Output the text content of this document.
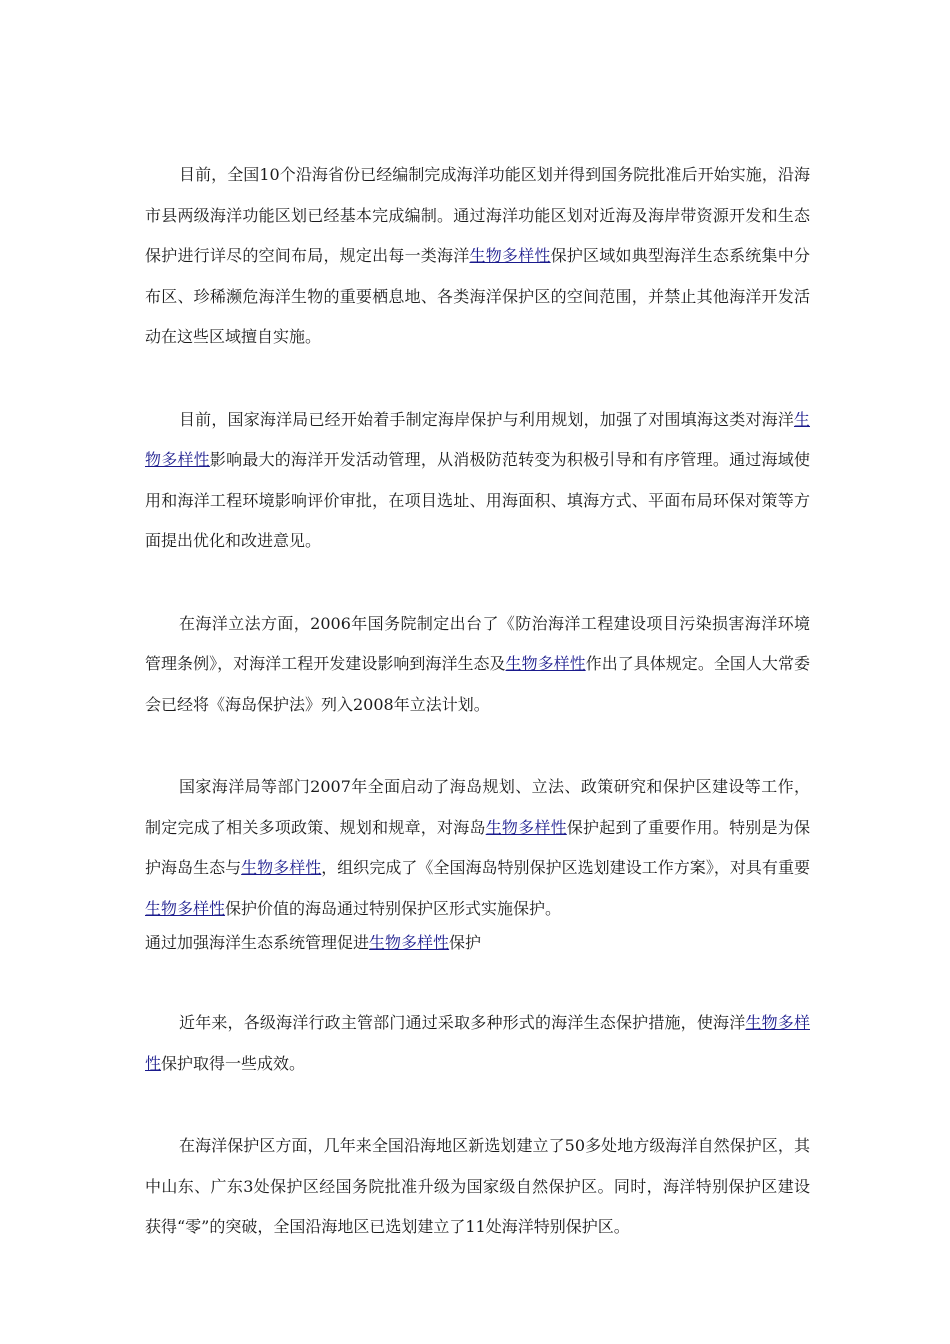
目前，全国10个沿海省份已经编制完成海洋功能区划并得到国务院批准后开始实施，沿海市县两级海洋功能区划已经基本完成编制。通过海洋功能区划对近海及海岸带资源开发和生态保护进行详尽的空间布局，规定出每一类海洋生物多样性保护区域如典型海洋生态系统集中分布区、珍稀濒危海洋生物的重要栖息地、各类海洋保护区的空间范围，并禁止其他海洋开发活动在这些区域擅自实施。

目前，国家海洋局已经开始着手制定海岸保护与利用规划，加强了对围填海这类对海洋生物多样性影响最大的海洋开发活动管理，从消极防范转变为积极引导和有序管理。通过海域使用和海洋工程环境影响评价审批，在项目选址、用海面积、填海方式、平面布局环保对策等方面提出优化和改进意见。

在海洋立法方面，2006年国务院制定出台了《防治海洋工程建设项目污染损害海洋环境管理条例》，对海洋工程开发建设影响到海洋生态及生物多样性作出了具体规定。全国人大常委会已经将《海岛保护法》列入2008年立法计划。

国家海洋局等部门2007年全面启动了海岛规划、立法、政策研究和保护区建设等工作，制定完成了相关多项政策、规划和规章，对海岛生物多样性保护起到了重要作用。特别是为保护海岛生态与生物多样性，组织完成了《全国海岛特别保护区选划建设工作方案》，对具有重要生物多样性保护价值的海岛通过特别保护区形式实施保护。

通过加强海洋生态系统管理促进生物多样性保护

近年来，各级海洋行政主管部门通过采取多种形式的海洋生态保护措施，使海洋生物多样性保护取得一些成效。

在海洋保护区方面，几年来全国沿海地区新选划建立了50多处地方级海洋自然保护区，其中山东、广东3处保护区经国务院批准升级为国家级自然保护区。同时，海洋特别保护区建设获得“零”的突破，全国沿海地区已选划建立了11处海洋特别保护区。
